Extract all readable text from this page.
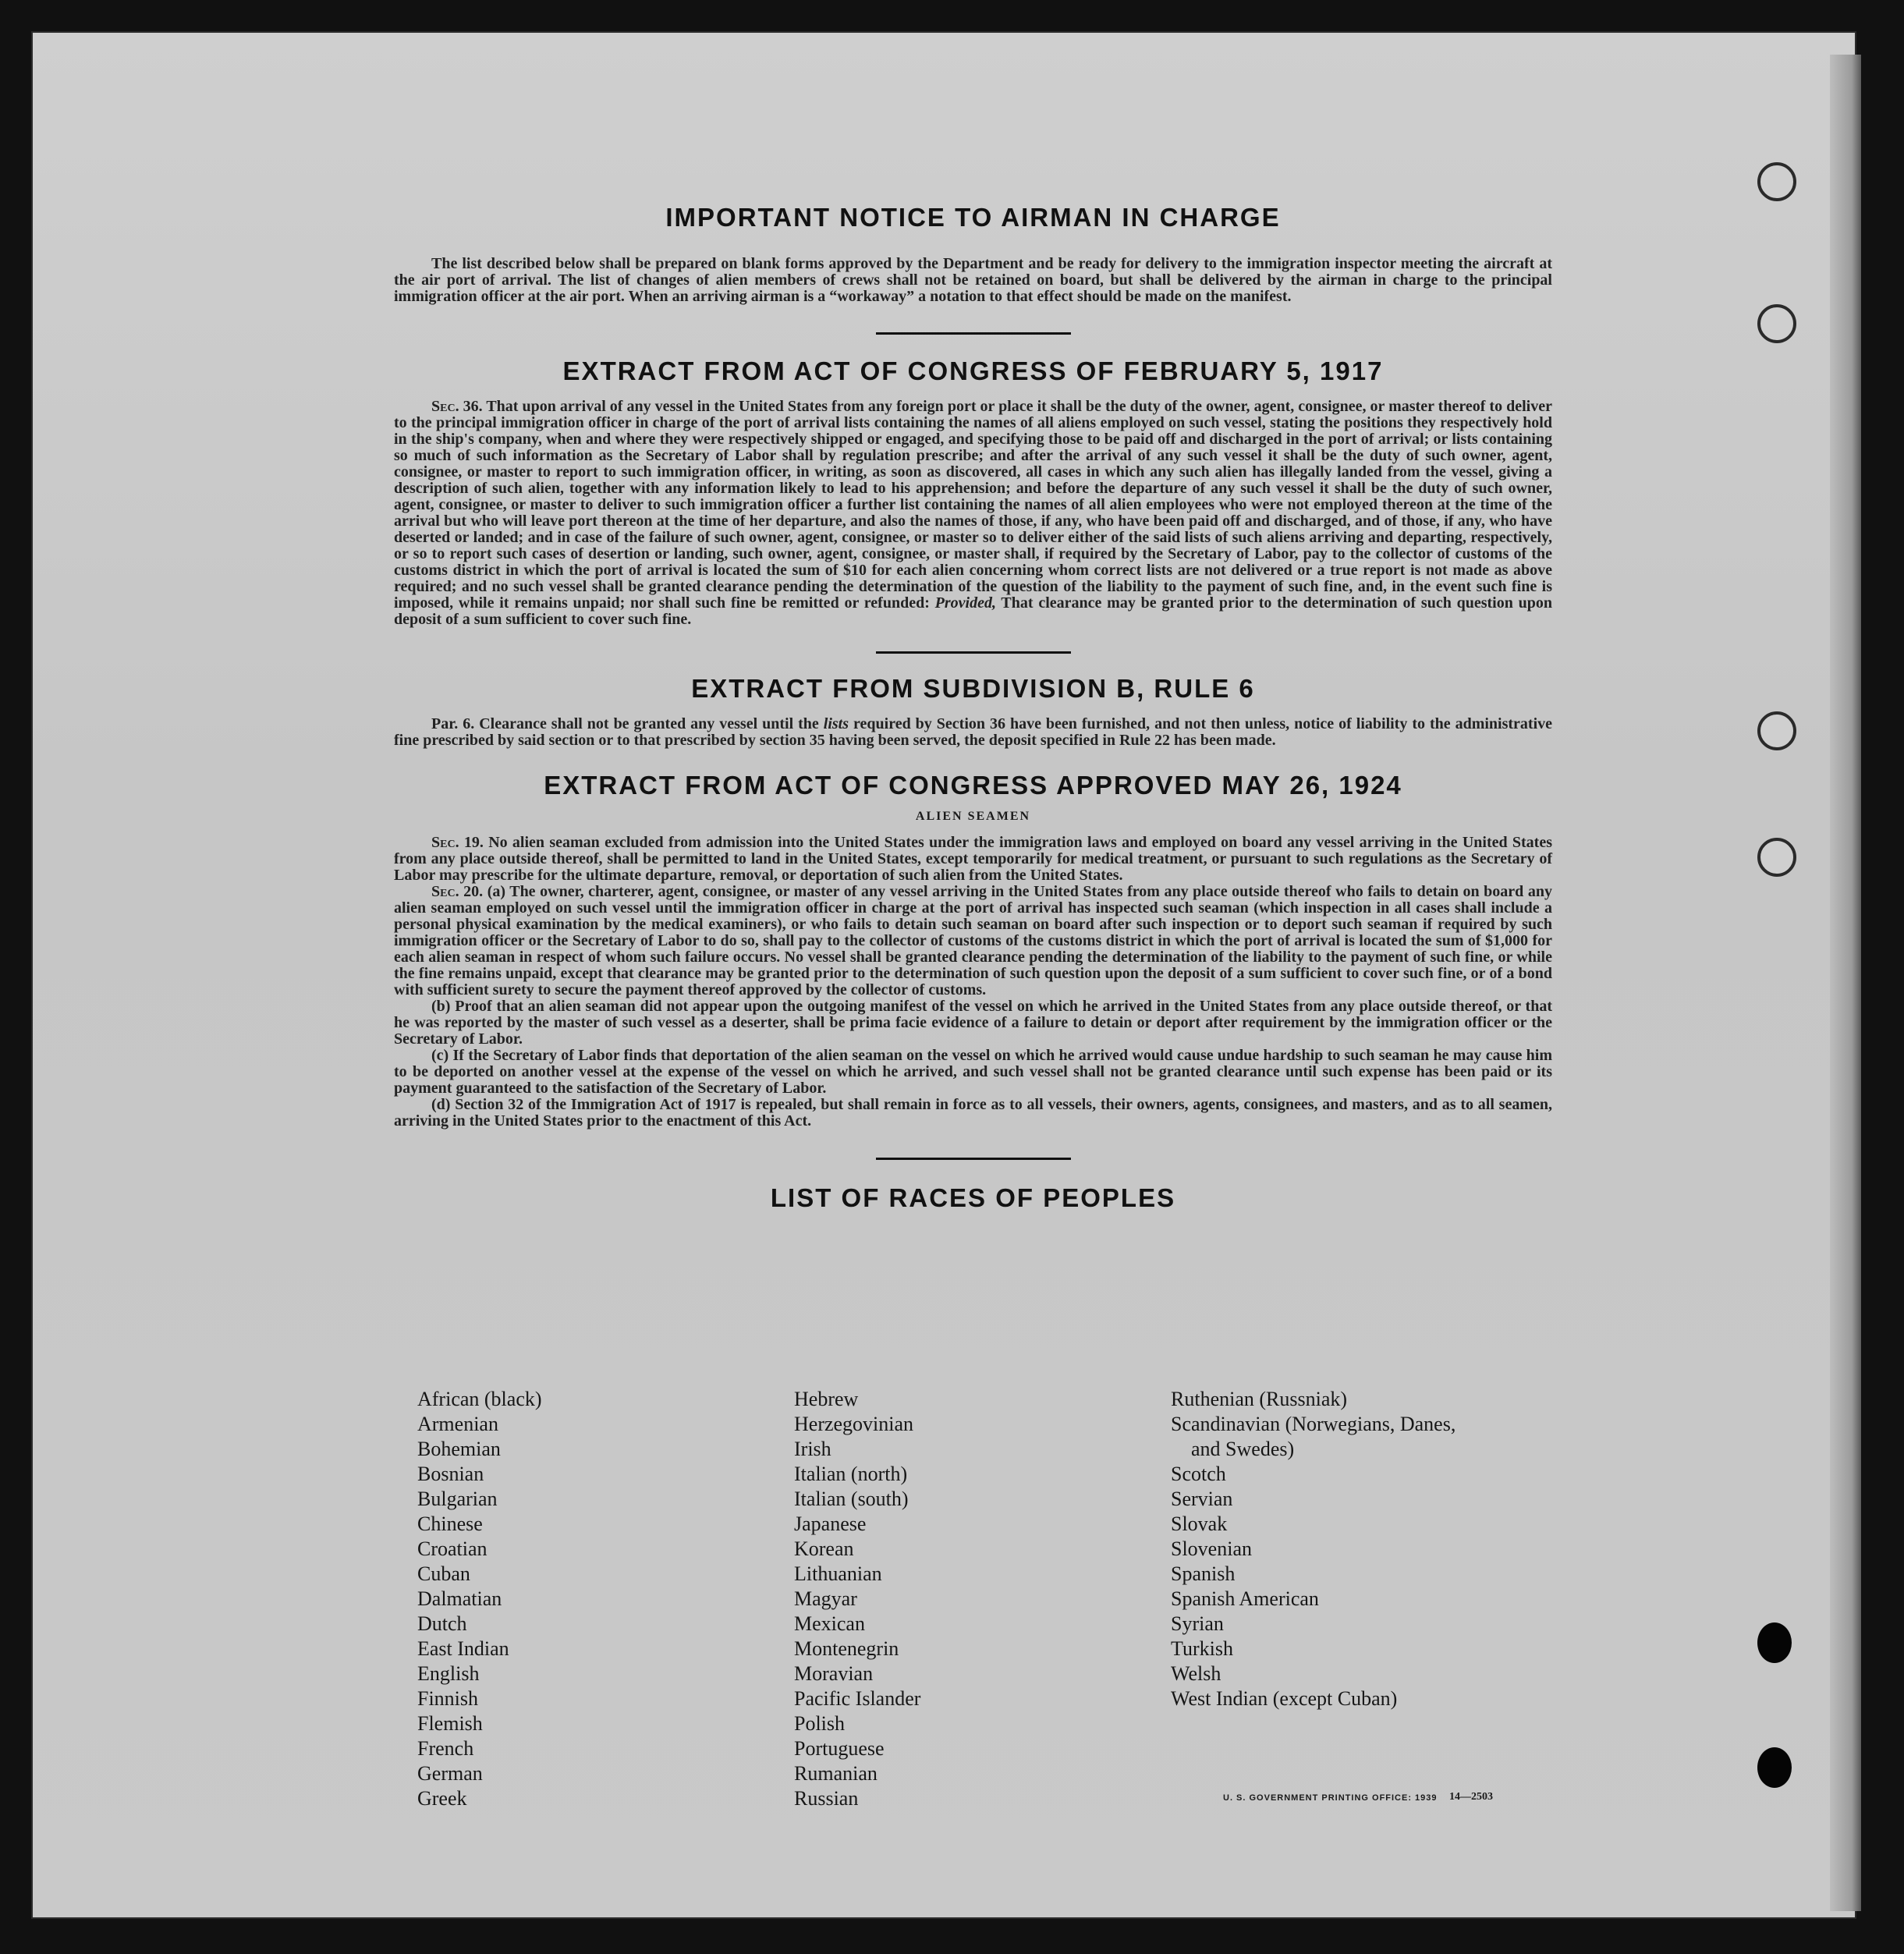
IMPORTANT NOTICE TO AIRMAN IN CHARGE

The list described below shall be prepared on blank forms approved by the Department and be ready for delivery to the immigration inspector meeting the aircraft at the air port of arrival. The list of changes of alien members of crews shall not be retained on board, but shall be delivered by the airman in charge to the principal immigration officer at the air port. When an arriving airman is a “workaway” a notation to that effect should be made on the manifest.

EXTRACT FROM ACT OF CONGRESS OF FEBRUARY 5, 1917

Sec. 36. That upon arrival of any vessel in the United States from any foreign port or place it shall be the duty of the owner, agent, consignee, or master thereof to deliver to the principal immigration officer in charge of the port of arrival lists containing the names of all aliens employed on such vessel, stating the positions they respectively hold in the ship's company, when and where they were respectively shipped or engaged, and specifying those to be paid off and discharged in the port of arrival; or lists containing so much of such information as the Secretary of Labor shall by regulation prescribe; and after the arrival of any such vessel it shall be the duty of such owner, agent, consignee, or master to report to such immigration officer, in writing, as soon as discovered, all cases in which any such alien has illegally landed from the vessel, giving a description of such alien, together with any information likely to lead to his apprehension; and before the departure of any such vessel it shall be the duty of such owner, agent, consignee, or master to deliver to such immigration officer a further list containing the names of all alien employees who were not employed thereon at the time of the arrival but who will leave port thereon at the time of her departure, and also the names of those, if any, who have been paid off and discharged, and of those, if any, who have deserted or landed; and in case of the failure of such owner, agent, consignee, or master so to deliver either of the said lists of such aliens arriving and departing, respectively, or so to report such cases of desertion or landing, such owner, agent, consignee, or master shall, if required by the Secretary of Labor, pay to the collector of customs of the customs district in which the port of arrival is located the sum of $10 for each alien concerning whom correct lists are not delivered or a true report is not made as above required; and no such vessel shall be granted clearance pending the determination of the question of the liability to the payment of such fine, and, in the event such fine is imposed, while it remains unpaid; nor shall such fine be remitted or refunded: Provided, That clearance may be granted prior to the determination of such question upon deposit of a sum sufficient to cover such fine.

EXTRACT FROM SUBDIVISION B, RULE 6

Par. 6. Clearance shall not be granted any vessel until the lists required by Section 36 have been furnished, and not then unless, notice of liability to the administrative fine prescribed by said section or to that prescribed by section 35 having been served, the deposit specified in Rule 22 has been made.

EXTRACT FROM ACT OF CONGRESS APPROVED MAY 26, 1924

ALIEN SEAMEN

Sec. 19. No alien seaman excluded from admission into the United States under the immigration laws and employed on board any vessel arriving in the United States from any place outside thereof, shall be permitted to land in the United States, except temporarily for medical treatment, or pursuant to such regulations as the Secretary of Labor may prescribe for the ultimate departure, removal, or deportation of such alien from the United States.

Sec. 20. (a) The owner, charterer, agent, consignee, or master of any vessel arriving in the United States from any place outside thereof who fails to detain on board any alien seaman employed on such vessel until the immigration officer in charge at the port of arrival has inspected such seaman (which inspection in all cases shall include a personal physical examination by the medical examiners), or who fails to detain such seaman on board after such inspection or to deport such seaman if required by such immigration officer or the Secretary of Labor to do so, shall pay to the collector of customs of the customs district in which the port of arrival is located the sum of $1,000 for each alien seaman in respect of whom such failure occurs. No vessel shall be granted clearance pending the determination of the liability to the payment of such fine, or while the fine remains unpaid, except that clearance may be granted prior to the determination of such question upon the deposit of a sum sufficient to cover such fine, or of a bond with sufficient surety to secure the payment thereof approved by the collector of customs.

(b) Proof that an alien seaman did not appear upon the outgoing manifest of the vessel on which he arrived in the United States from any place outside thereof, or that he was reported by the master of such vessel as a deserter, shall be prima facie evidence of a failure to detain or deport after requirement by the immigration officer or the Secretary of Labor.

(c) If the Secretary of Labor finds that deportation of the alien seaman on the vessel on which he arrived would cause undue hardship to such seaman he may cause him to be deported on another vessel at the expense of the vessel on which he arrived, and such vessel shall not be granted clearance until such expense has been paid or its payment guaranteed to the satisfaction of the Secretary of Labor.

(d) Section 32 of the Immigration Act of 1917 is repealed, but shall remain in force as to all vessels, their owners, agents, consignees, and masters, and as to all seamen, arriving in the United States prior to the enactment of this Act.

LIST OF RACES OF PEOPLES

African (black)

Armenian

Bohemian

Bosnian

Bulgarian

Chinese

Croatian

Cuban

Dalmatian

Dutch

East Indian

English

Finnish

Flemish

French

German

Greek

Hebrew

Herzegovinian

Irish

Italian (north)

Italian (south)

Japanese

Korean

Lithuanian

Magyar

Mexican

Montenegrin

Moravian

Pacific Islander

Polish

Portuguese

Rumanian

Russian

Ruthenian (Russniak)

Scandinavian (Norwegians, Danes,

and Swedes)

Scotch

Servian

Slovak

Slovenian

Spanish

Spanish American

Syrian

Turkish

Welsh

West Indian (except Cuban)

U. S. GOVERNMENT PRINTING OFFICE: 1939 14—2503
